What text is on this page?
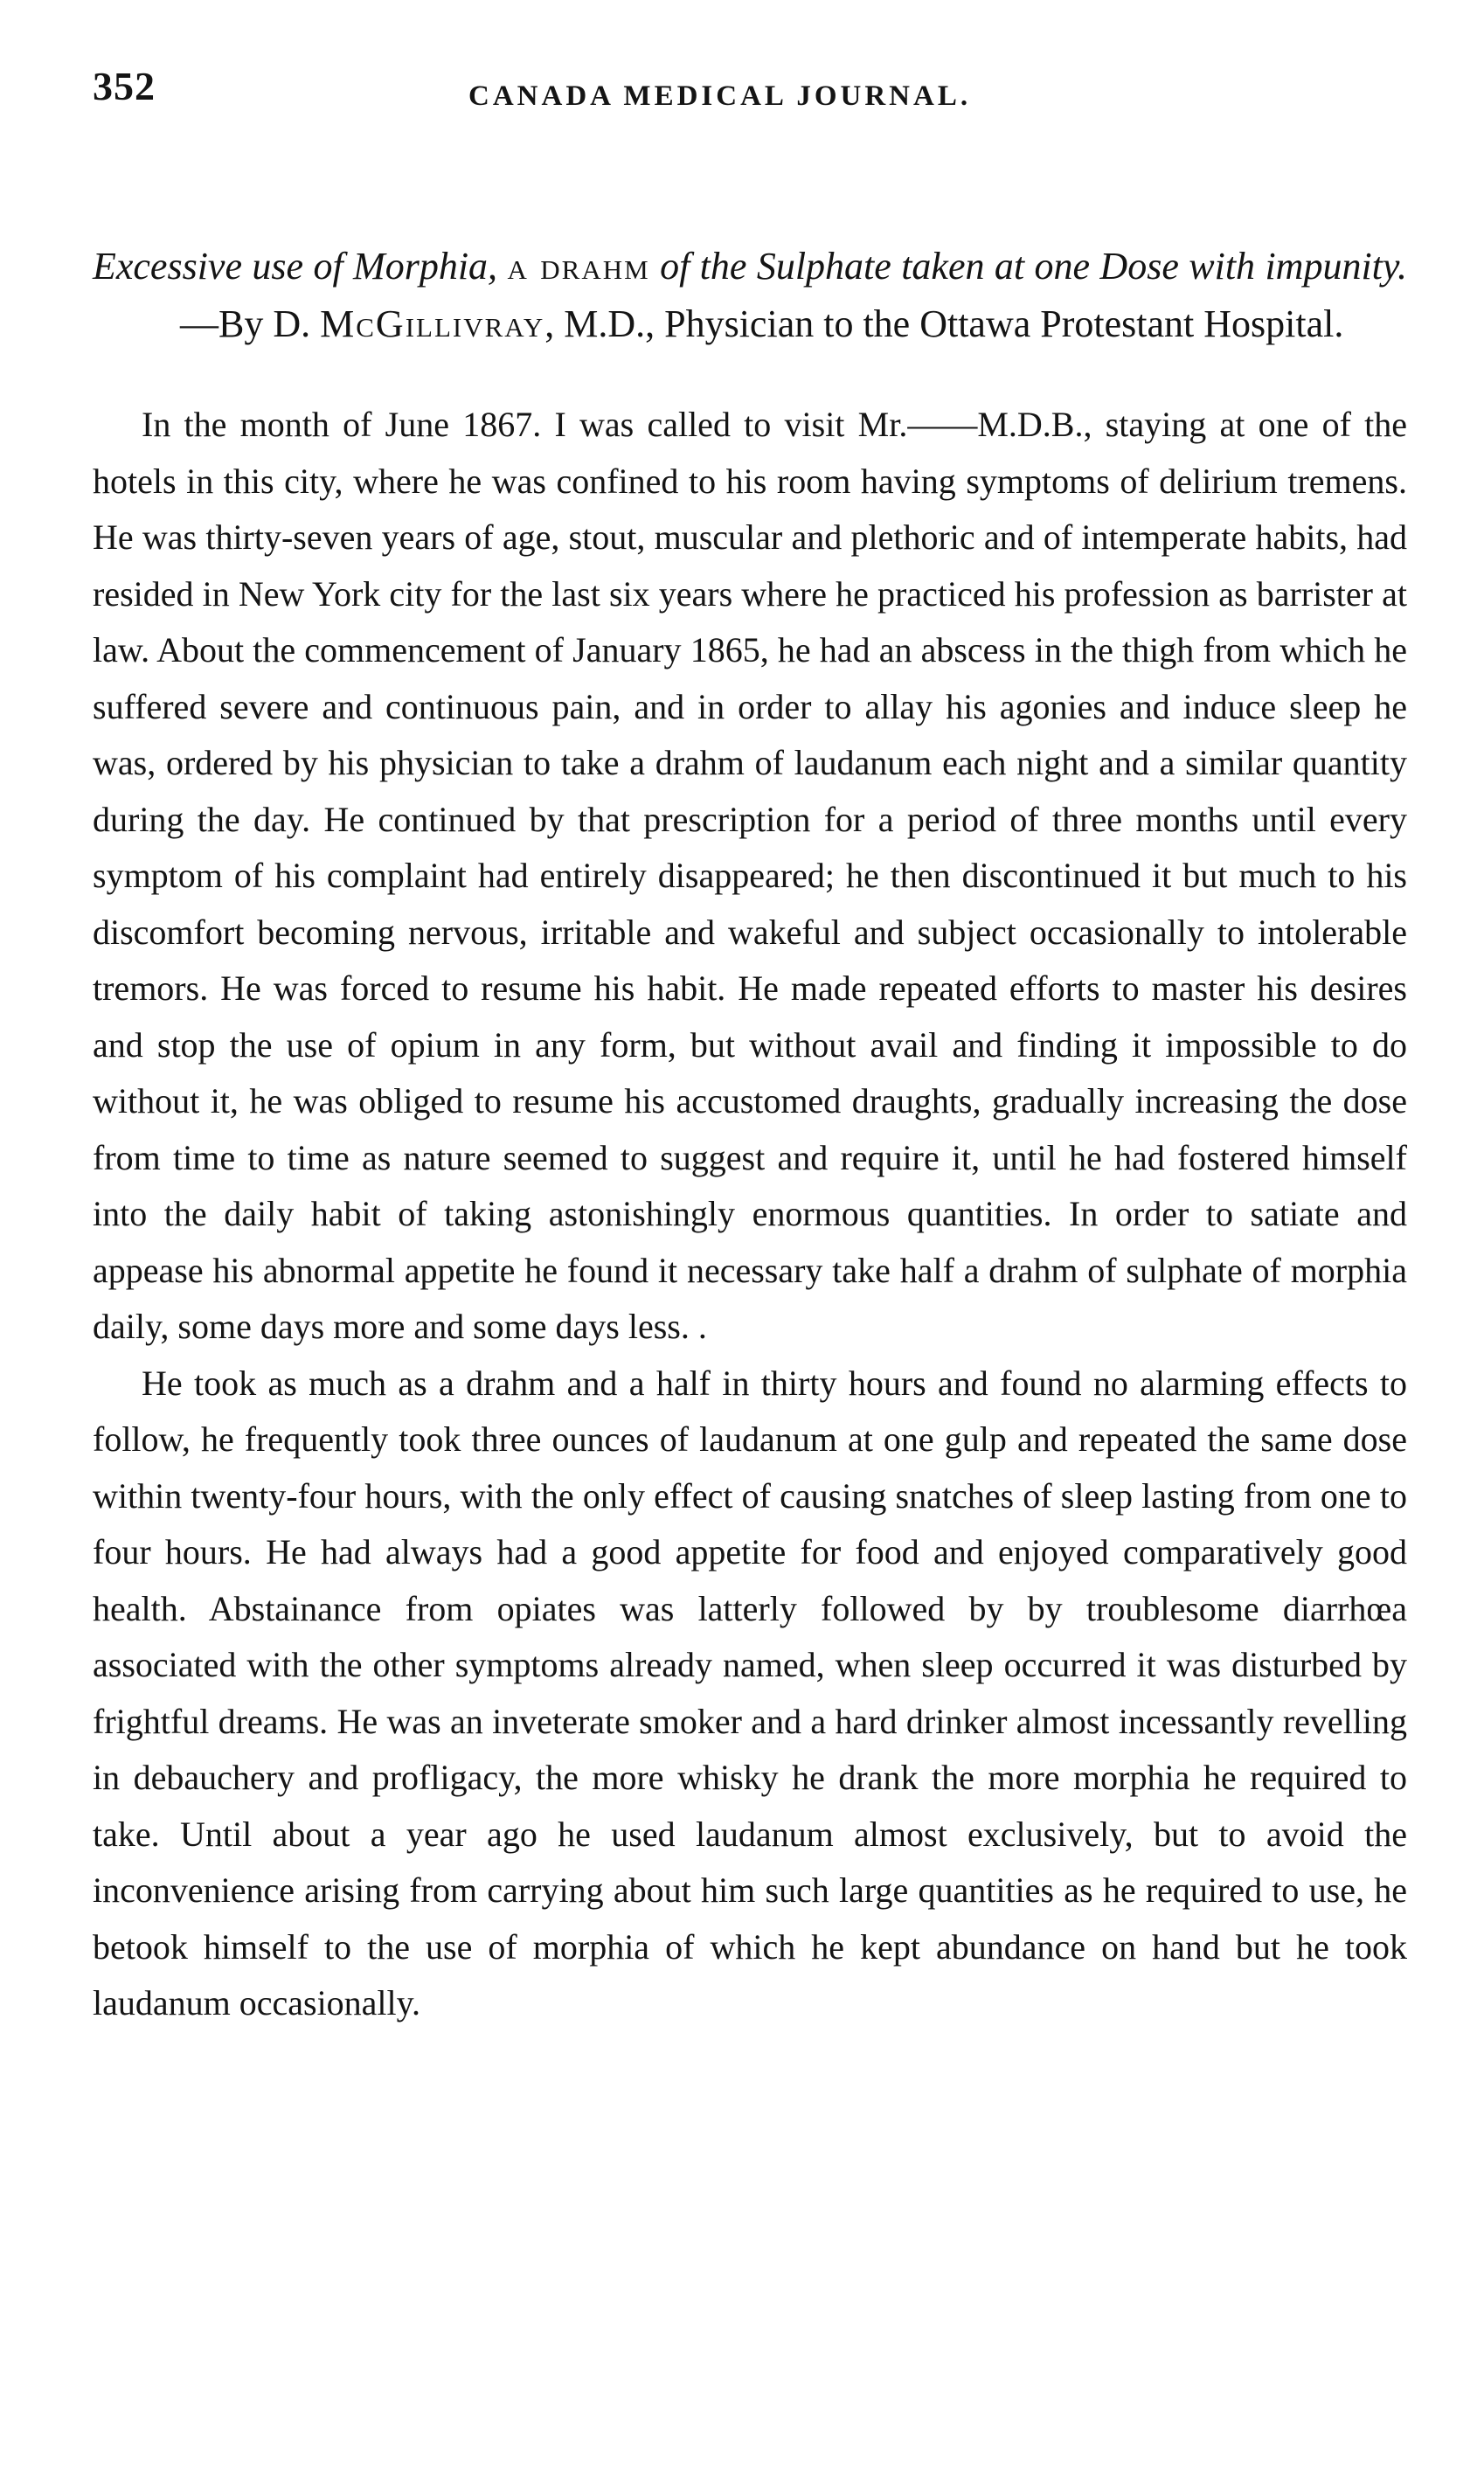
352	CANADA MEDICAL JOURNAL.

Excessive use of Morphia, a drahm of the Sulphate taken at one Dose with impunity.—By D. McGillivray, M.D., Physician to the Ottawa Protestant Hospital.

In the month of June 1867. I was called to visit Mr.——M.D.B., staying at one of the hotels in this city, where he was confined to his room having symptoms of delirium tremens. He was thirty-seven years of age, stout, muscular and plethoric and of intemperate habits, had resided in New York city for the last six years where he practiced his profession as barrister at law. About the commencement of January 1865, he had an abscess in the thigh from which he suffered severe and continuous pain, and in order to allay his agonies and induce sleep he was, ordered by his physician to take a drahm of laudanum each night and a similar quantity during the day. He continued by that prescription for a period of three months until every symptom of his complaint had entirely disappeared; he then discontinued it but much to his discomfort becoming nervous, irritable and wakeful and subject occasionally to intolerable tremors. He was forced to resume his habit. He made repeated efforts to master his desires and stop the use of opium in any form, but without avail and finding it impossible to do without it, he was obliged to resume his accustomed draughts, gradually increasing the dose from time to time as nature seemed to suggest and require it, until he had fostered himself into the daily habit of taking astonishingly enormous quantities. In order to satiate and appease his abnormal appetite he found it necessary take half a drahm of sulphate of morphia daily, some days more and some days less. .

He took as much as a drahm and a half in thirty hours and found no alarming effects to follow, he frequently took three ounces of laudanum at one gulp and repeated the same dose within twenty-four hours, with the only effect of causing snatches of sleep lasting from one to four hours. He had always had a good appetite for food and enjoyed comparatively good health. Abstainance from opiates was latterly followed by by troublesome diarrhœa associated with the other symptoms already named, when sleep occurred it was disturbed by frightful dreams. He was an inveterate smoker and a hard drinker almost incessantly revelling in debauchery and profligacy, the more whisky he drank the more morphia he required to take. Until about a year ago he used laudanum almost exclusively, but to avoid the inconvenience arising from carrying about him such large quantities as he required to use, he betook himself to the use of morphia of which he kept abundance on hand but he took laudanum occasionally.
